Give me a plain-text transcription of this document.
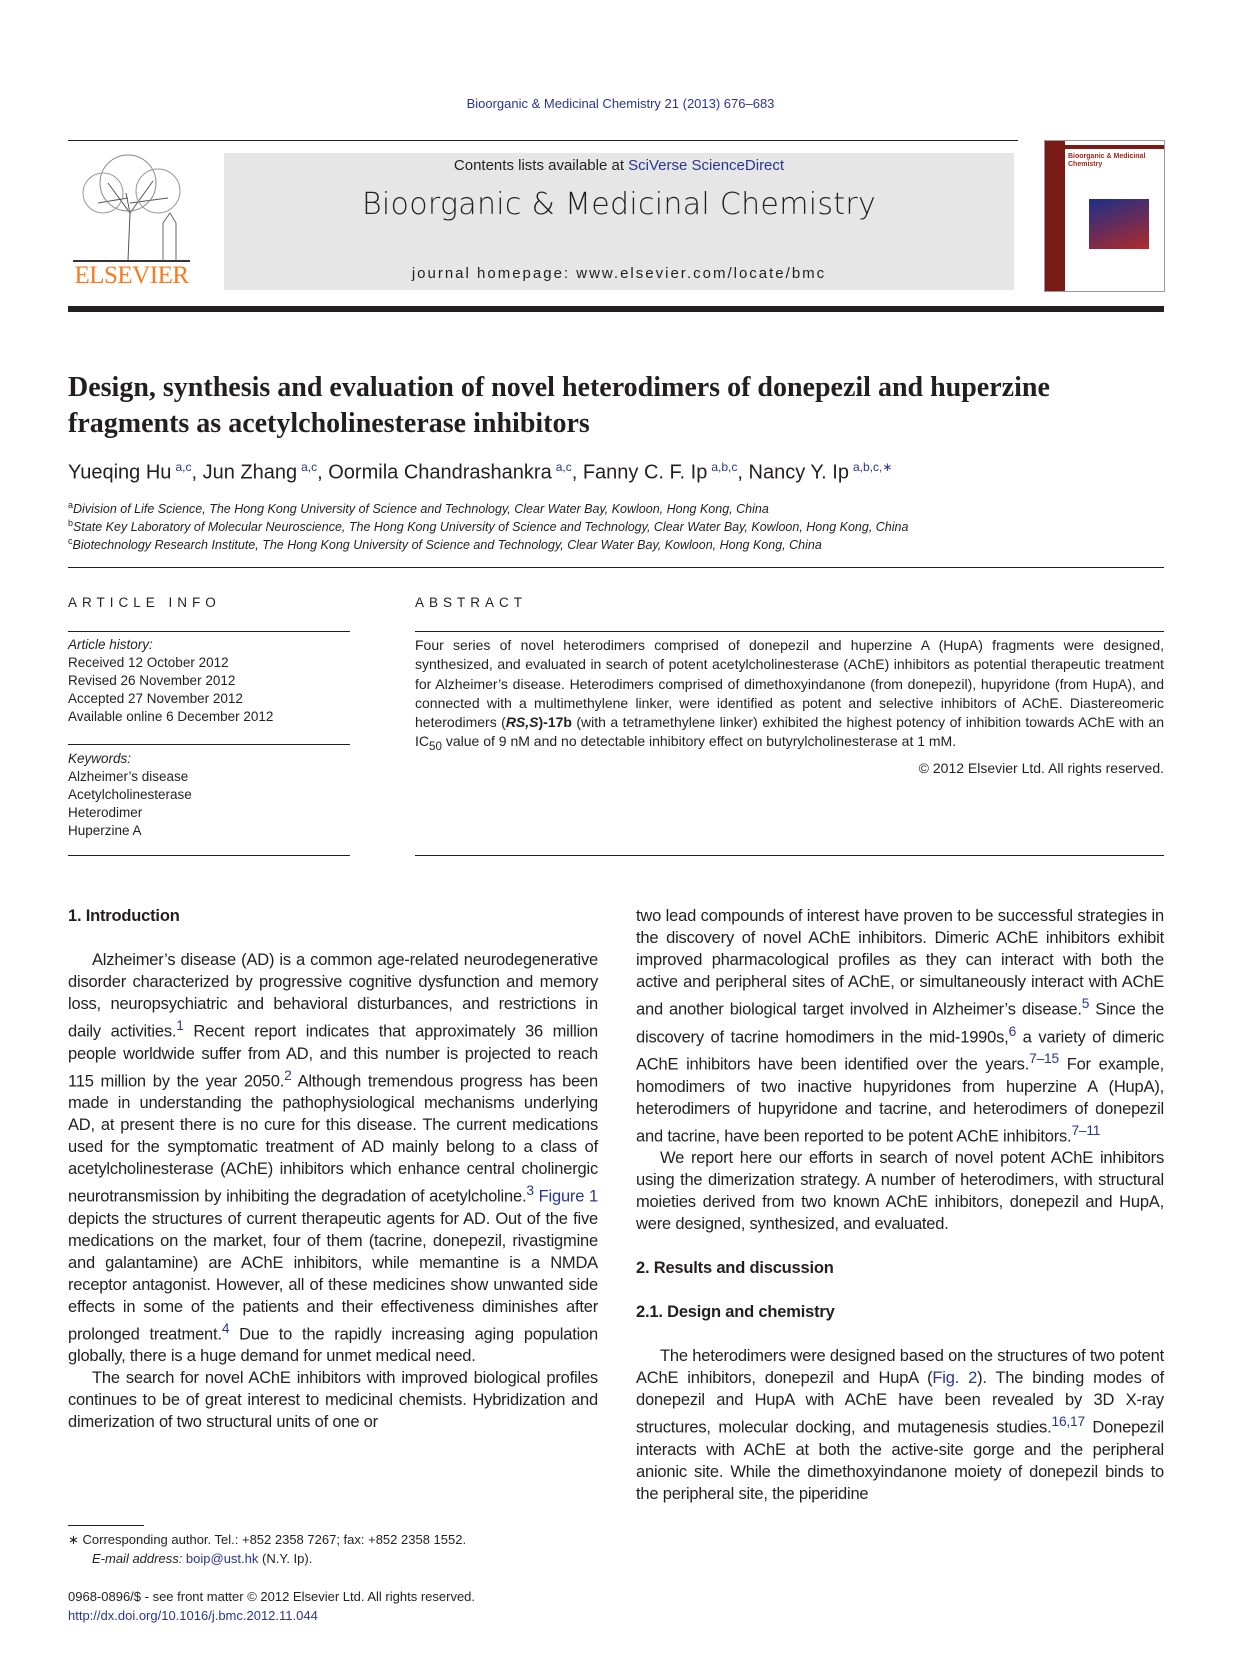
Bioorganic & Medicinal Chemistry 21 (2013) 676–683
ELSEVIER
Contents lists available at SciVerse ScienceDirect
Bioorganic & Medicinal Chemistry
journal homepage: www.elsevier.com/locate/bmc
Bioorganic & Medicinal Chemistry
Design, synthesis and evaluation of novel heterodimers of donepezil and huperzine fragments as acetylcholinesterase inhibitors
Yueqing Hu  $^{a,c}$, Jun Zhang  $^{a,c}$, Oormila Chandrashankra  $^{a,c}$, Fanny C. F. Ip  $^{a,b,c}$, Nancy Y. Ip  $^{a,b,c,∗}$
$^a$Division of Life Science, The Hong Kong University of Science and Technology, Clear Water Bay, Kowloon, Hong Kong, China
$^b$State Key Laboratory of Molecular Neuroscience, The Hong Kong University of Science and Technology, Clear Water Bay, Kowloon, Hong Kong, China
$^c$Biotechnology Research Institute, The Hong Kong University of Science and Technology, Clear Water Bay, Kowloon, Hong Kong, China
ARTICLE INFO
Article history:
Received 12 October 2012
Revised 26 November 2012
Accepted 27 November 2012
Available online 6 December 2012
Keywords:
Alzheimer’s disease
Acetylcholinesterase
Heterodimer
Huperzine A
ABSTRACT
Four series of novel heterodimers comprised of donepezil and huperzine A (HupA) fragments were designed, synthesized, and evaluated in search of potent acetylcholinesterase (AChE) inhibitors as potential therapeutic treatment for Alzheimer’s disease. Heterodimers comprised of dimethoxyindanone (from donepezil), hupyridone (from HupA), and connected with a multimethylene linker, were identified as potent and selective inhibitors of AChE. Diastereomeric heterodimers (RS,S)-17b (with a tetramethylene linker) exhibited the highest potency of inhibition towards AChE with an $IC_{50}$ value of 9 nM and no detectable inhibitory effect on butyrylcholinesterase at 1 mM.
© 2012 Elsevier Ltd. All rights reserved.
1. Introduction

Alzheimer’s disease (AD) is a common age-related neurodegenerative disorder characterized by progressive cognitive dysfunction and memory loss, neuropsychiatric and behavioral disturbances, and restrictions in daily activities.$^1$ Recent report indicates that approximately 36 million people worldwide suffer from AD, and this number is projected to reach 115 million by the year 2050.$^2$ Although tremendous progress has been made in understanding the pathophysiological mechanisms underlying AD, at present there is no cure for this disease. The current medications used for the symptomatic treatment of AD mainly belong to a class of acetylcholinesterase (AChE) inhibitors which enhance central cholinergic neurotransmission by inhibiting the degradation of acetylcholine.$^3$ Figure 1 depicts the structures of current therapeutic agents for AD. Out of the five medications on the market, four of them (tacrine, donepezil, rivastigmine and galantamine) are AChE inhibitors, while memantine is a NMDA receptor antagonist. However, all of these medicines show unwanted side effects in some of the patients and their effectiveness diminishes after prolonged treatment.$^4$ Due to the rapidly increasing aging population globally, there is a huge demand for unmet medical need.

The search for novel AChE inhibitors with improved biological profiles continues to be of great interest to medicinal chemists. Hybridization and dimerization of two structural units of one or

∗ Corresponding author. Tel.: +852 2358 7267; fax: +852 2358 1552.
E-mail address: boip@ust.hk (N.Y. Ip).
0968-0896/$ - see front matter © 2012 Elsevier Ltd. All rights reserved.
http://dx.doi.org/10.1016/j.bmc.2012.11.044

two lead compounds of interest have proven to be successful strategies in the discovery of novel AChE inhibitors. Dimeric AChE inhibitors exhibit improved pharmacological profiles as they can interact with both the active and peripheral sites of AChE, or simultaneously interact with AChE and another biological target involved in Alzheimer’s disease.$^5$ Since the discovery of tacrine homodimers in the mid-1990s,$^6$ a variety of dimeric AChE inhibitors have been identified over the years.$^{7-15}$ For example, homodimers of two inactive hupyridones from huperzine A (HupA), heterodimers of hupyridone and tacrine, and heterodimers of donepezil and tacrine, have been reported to be potent AChE inhibitors.$^{7-11}$

We report here our efforts in search of novel potent AChE inhibitors using the dimerization strategy. A number of heterodimers, with structural moieties derived from two known AChE inhibitors, donepezil and HupA, were designed, synthesized, and evaluated.

2. Results and discussion
2.1. Design and chemistry

The heterodimers were designed based on the structures of two potent AChE inhibitors, donepezil and HupA (Fig. 2). The binding modes of donepezil and HupA with AChE have been revealed by 3D X-ray structures, molecular docking, and mutagenesis studies.$^{16,17}$ Donepezil interacts with AChE at both the active-site gorge and the peripheral anionic site. While the dimethoxyindanone moiety of donepezil binds to the peripheral site, the piperidine
